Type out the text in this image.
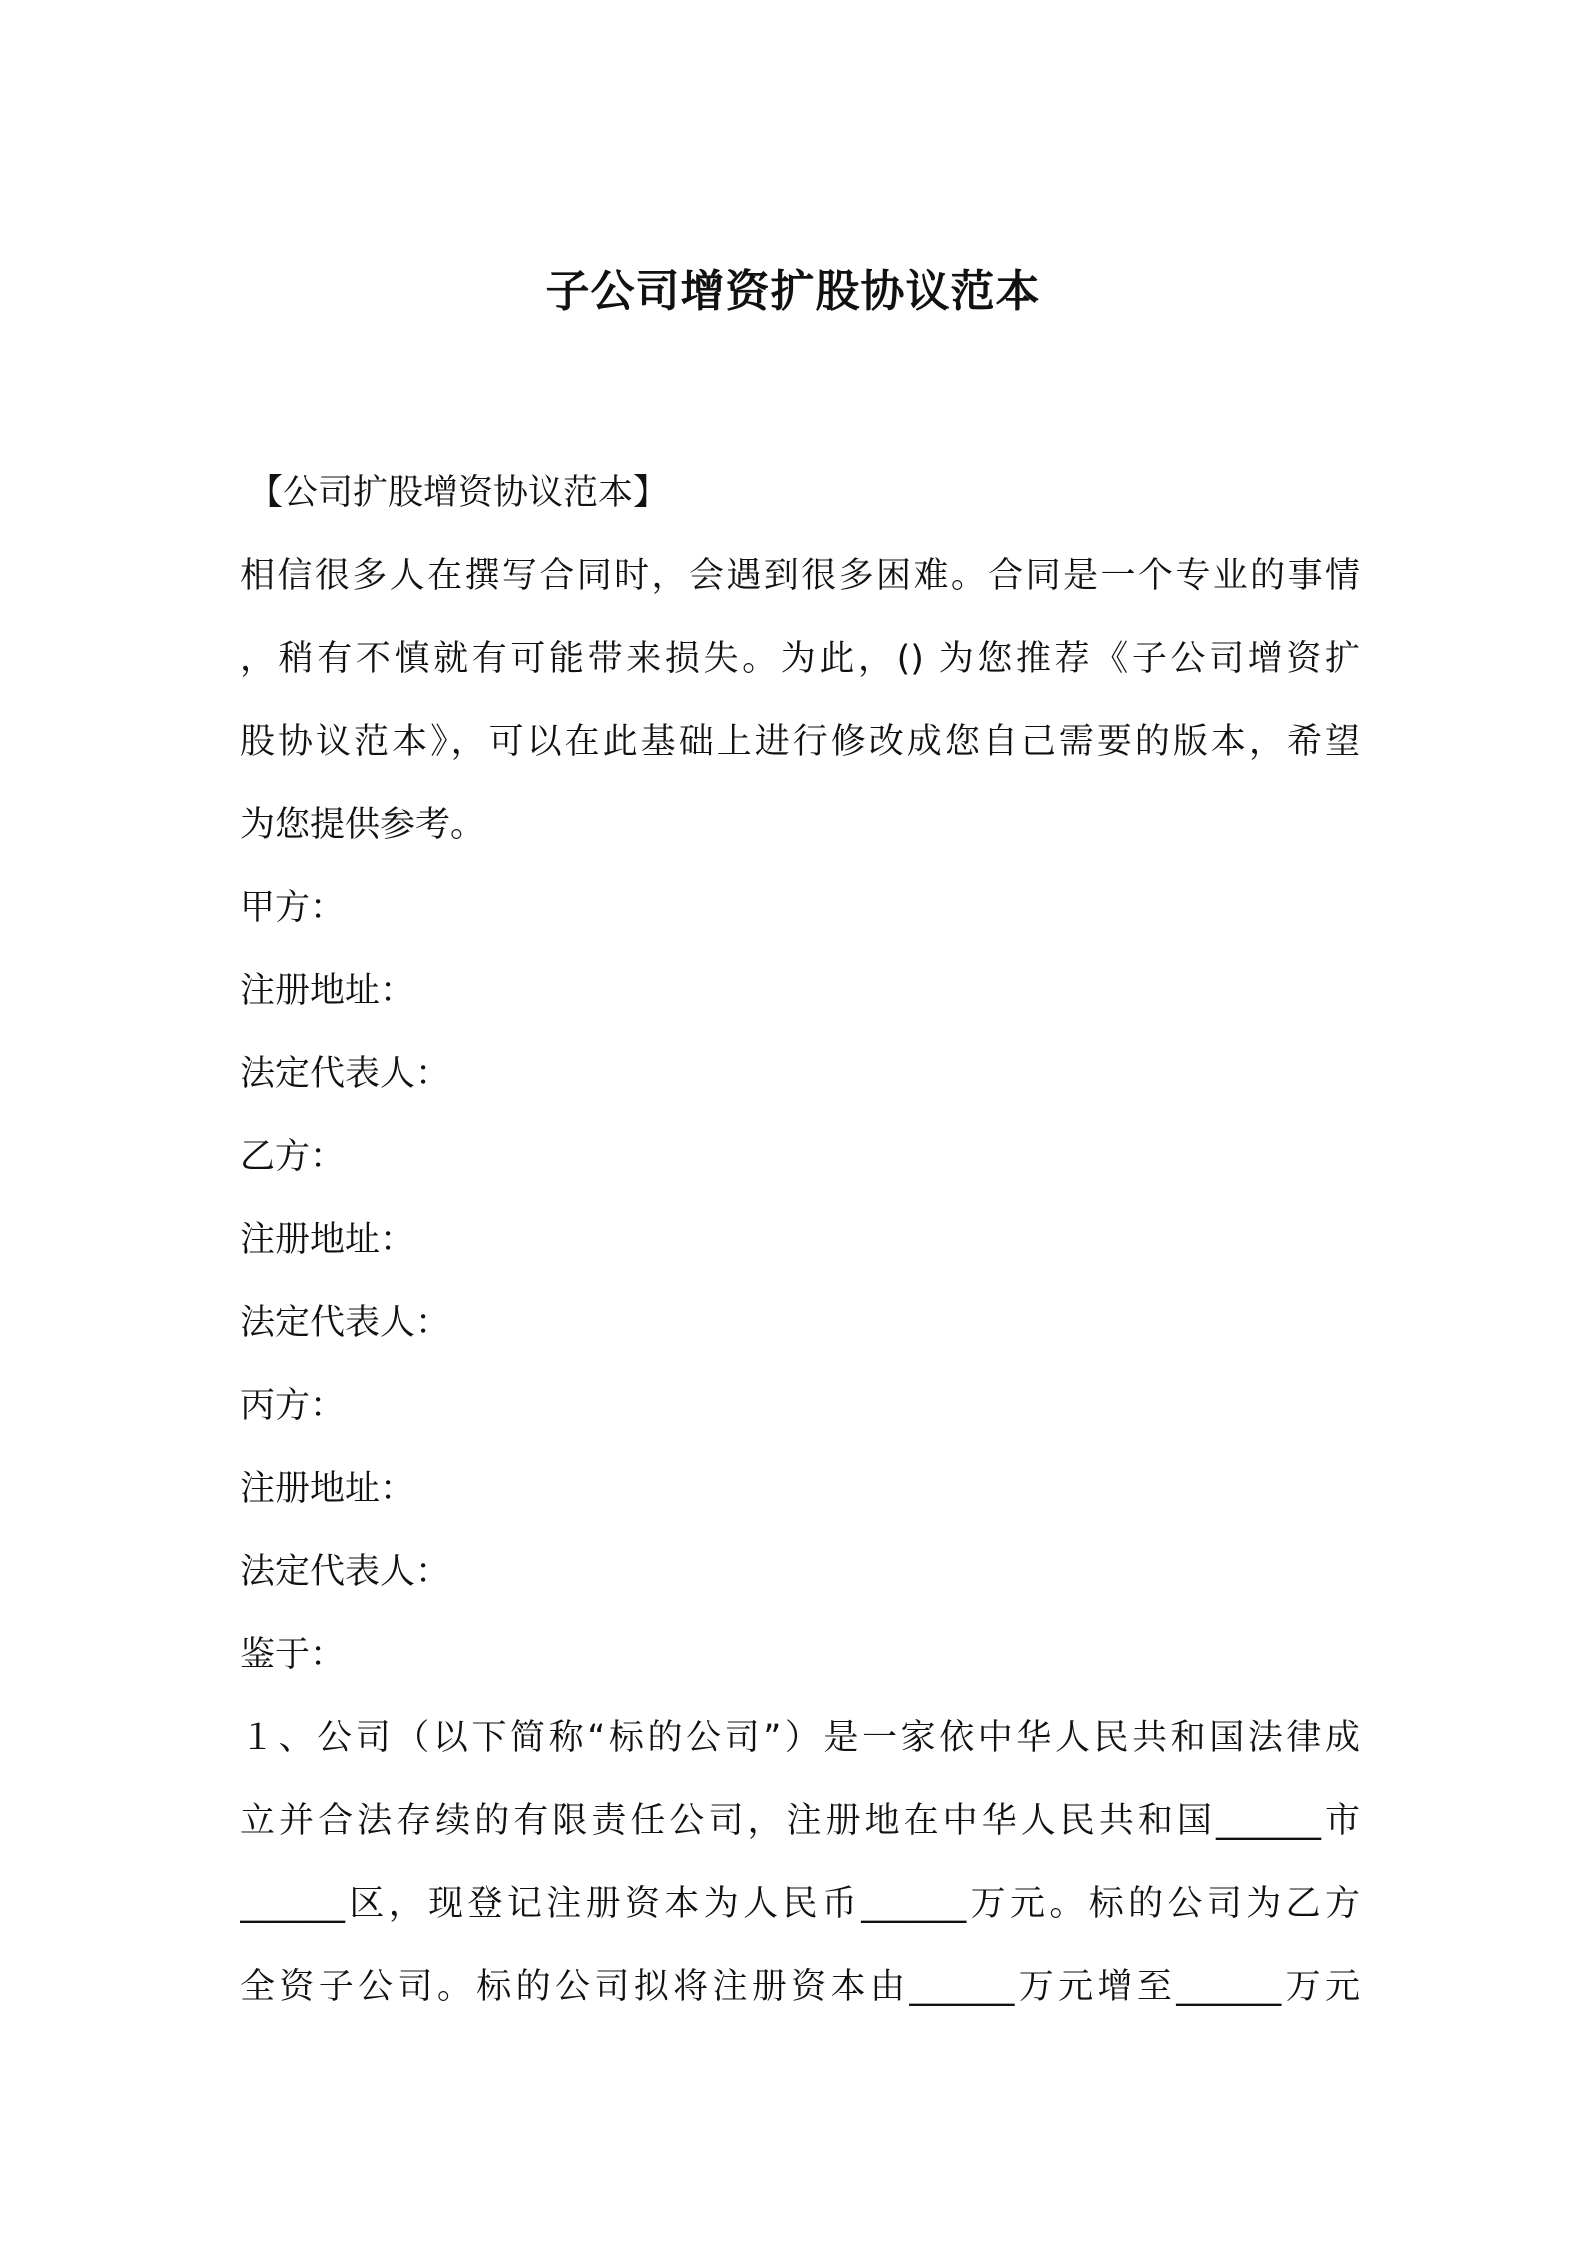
子公司增资扩股协议范本
【公司扩股增资协议范本】
相信很多人在撰写合同时，会遇到很多困难。合同是一个专业的事情
，稍有不慎就有可能带来损失。为此，() 为您推荐《子公司增资扩
股协议范本》，可以在此基础上进行修改成您自己需要的版本，希望
为您提供参考。
甲方：
注册地址：
法定代表人：
乙方：
注册地址：
法定代表人：
丙方：
注册地址：
法定代表人：
鉴于：
１、公司（以下简称“标的公司”）是一家依中华人民共和国法律成
立并合法存续的有限责任公司，注册地在中华人民共和国______市
______区，现登记注册资本为人民币______万元。标的公司为乙方
全资子公司。标的公司拟将注册资本由______万元增至______万元
